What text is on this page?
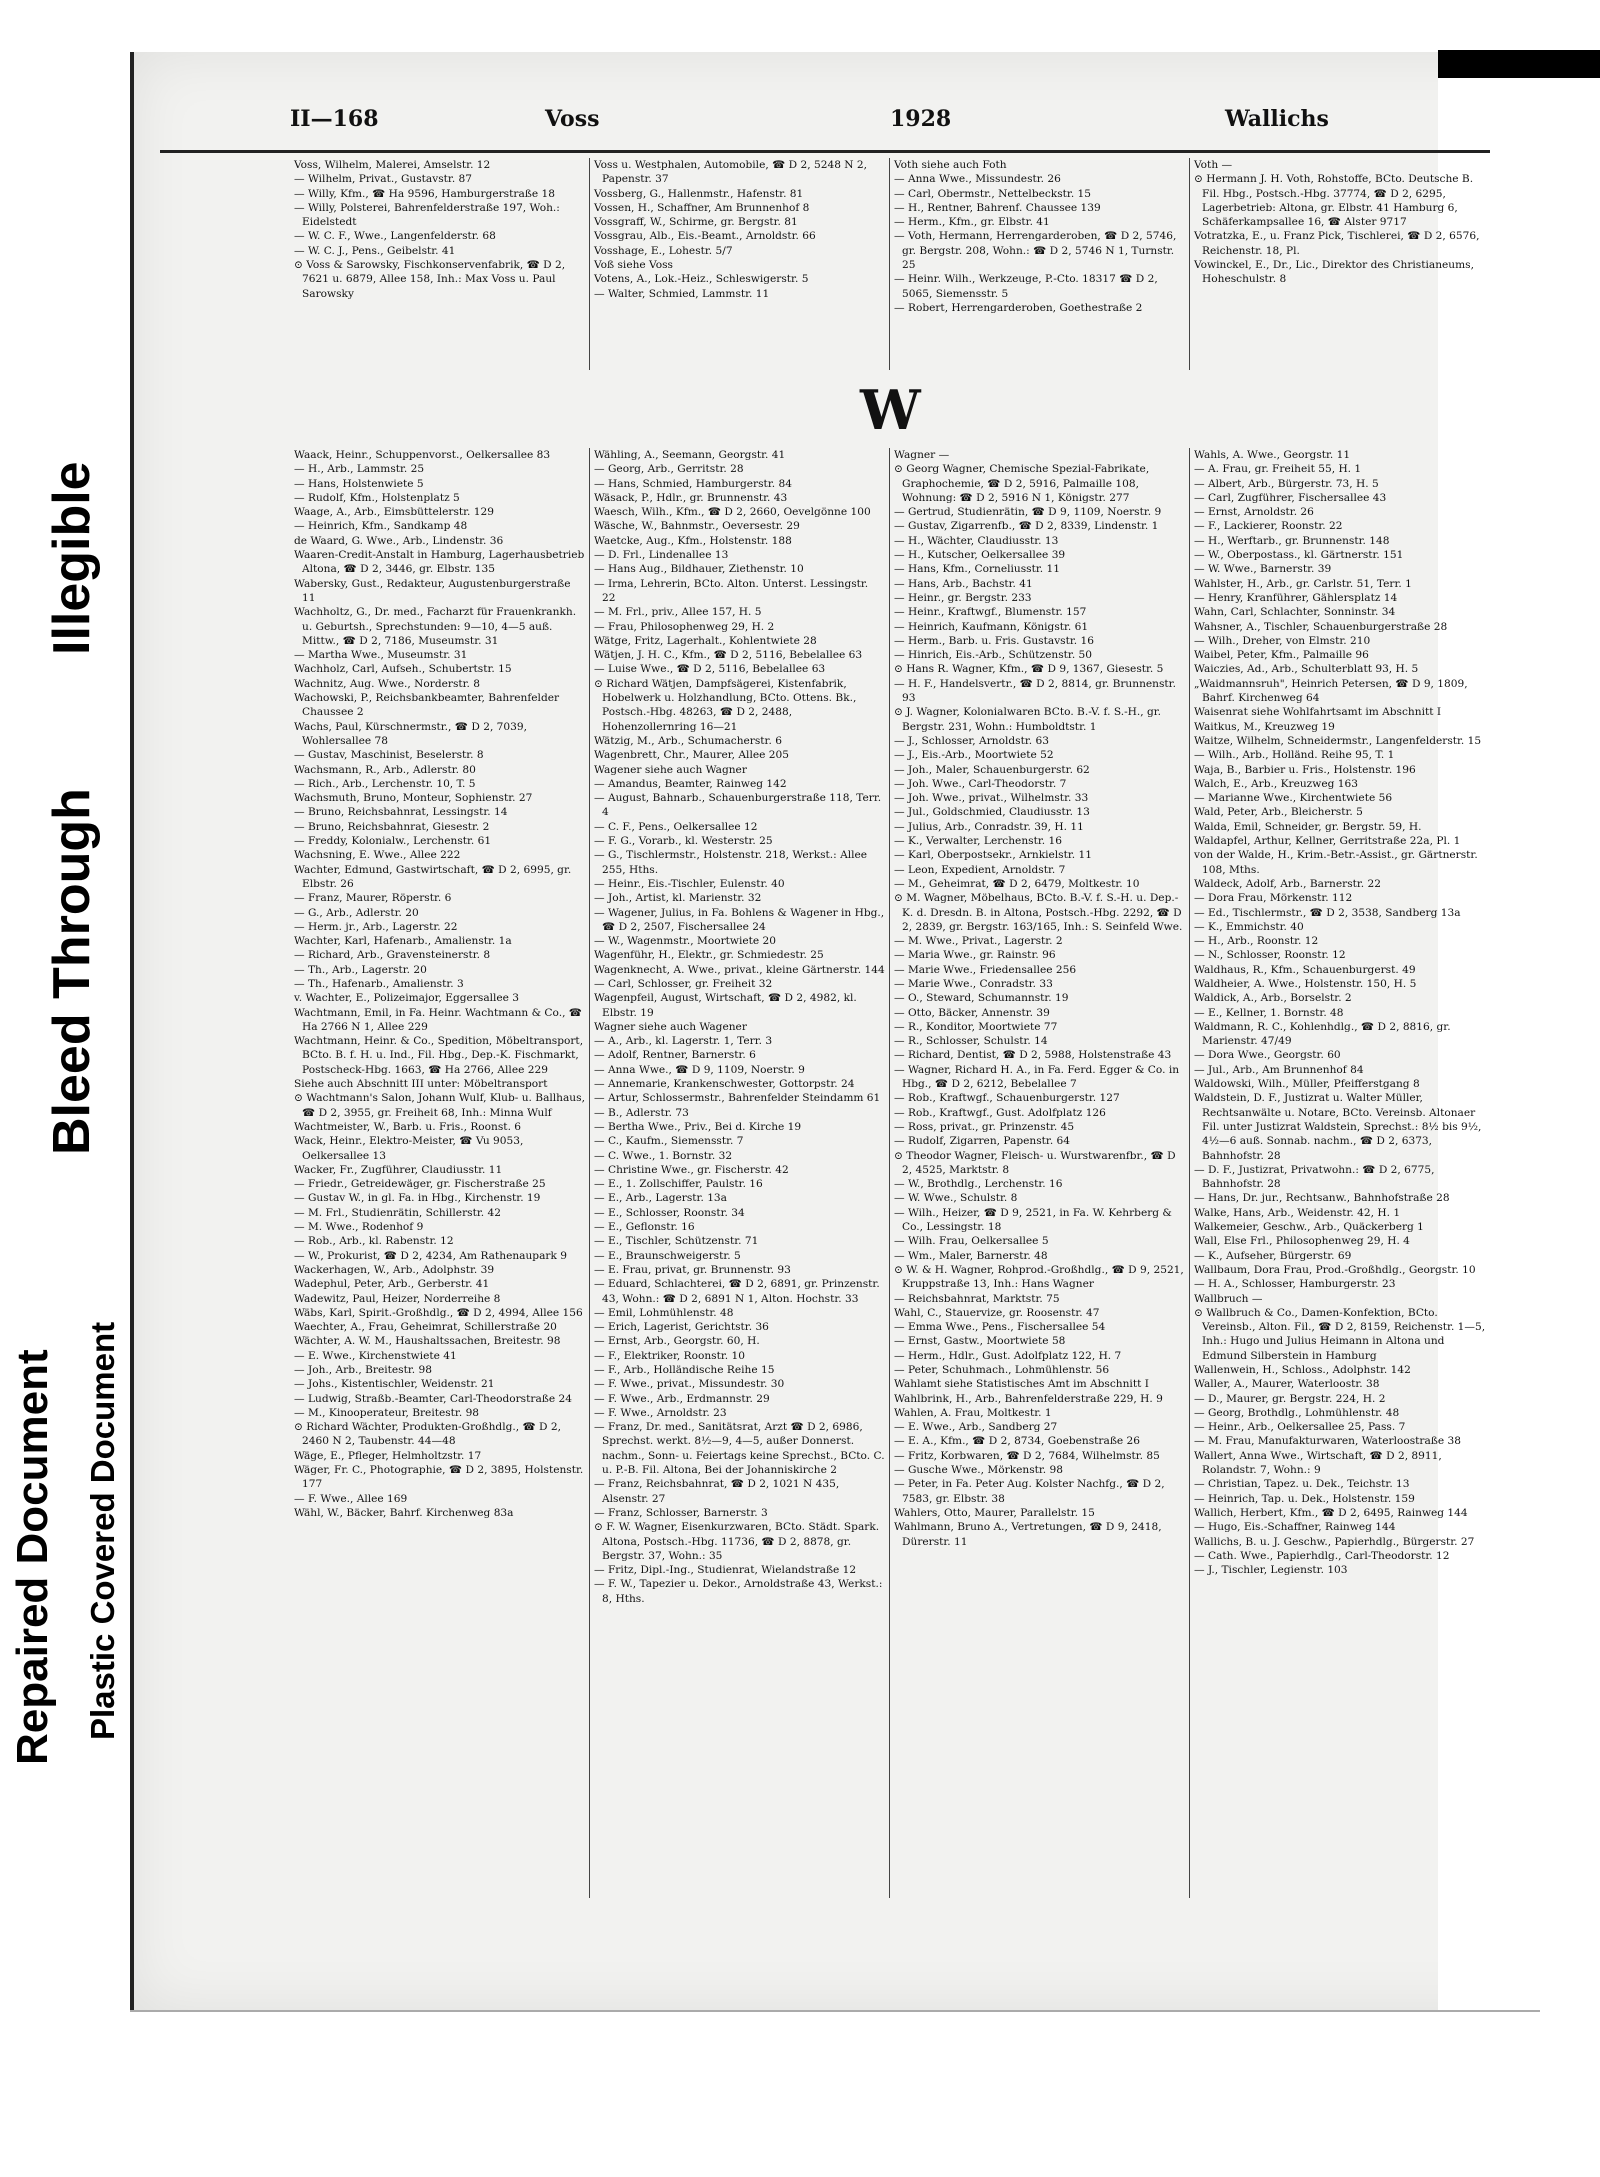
Repaired Document
Bleed Through
Illegible
Plastic Covered Document
II—168	Voss	1928	Wallichs
Voss, Wilhelm, Malerei, Amselstr. 12
— Wilhelm, Privat., Gustavstr. 87
— Willy, Kfm., ☎ Ha 9596, Hamburgerstraße 18
— Willy, Polsterei, Bahrenfelderstraße 197, Woh.: Eidelstedt
— W. C. F., Wwe., Langenfelderstr. 68
— W. C. J., Pens., Geibelstr. 41
⊙ Voss & Sarowsky, Fischkonservenfabrik, ☎ D 2, 7621 u. 6879, Allee 158, Inh.: Max Voss u. Paul Sarowsky
Voss u. Westphalen, Automobile, ☎ D 2, 5248 N 2, Papenstr. 37
Vossberg, G., Hallenmstr., Hafenstr. 81
Vossen, H., Schaffner, Am Brunnenhof 8
Vossgraff, W., Schirme, gr. Bergstr. 81
Vossgrau, Alb., Eis.-Beamt., Arnoldstr. 66
Vosshage, E., Lohestr. 5/7
Voß siehe Voss
Votens, A., Lok.-Heiz., Schleswigerstr. 5
— Walter, Schmied, Lammstr. 11
Voth siehe auch Foth
— Anna Wwe., Missundestr. 26
— Carl, Obermstr., Nettelbeckstr. 15
— H., Rentner, Bahrenf. Chaussee 139
— Herm., Kfm., gr. Elbstr. 41
— Voth, Hermann, Herrengarderoben, ☎ D 2, 5746, gr. Bergstr. 208, Wohn.: ☎ D 2, 5746 N 1, Turnstr. 25
— Heinr. Wilh., Werkzeuge, P.-Cto. 18317 ☎ D 2, 5065, Siemensstr. 5
— Robert, Herrengarderoben, Goethestraße 2
Voth —
⊙ Hermann J. H. Voth, Rohstoffe, BCto. Deutsche B. Fil. Hbg., Postsch.-Hbg. 37774, ☎ D 2, 6295, Lagerbetrieb: Altona, gr. Elbstr. 41 Hamburg 6, Schäferkampsallee 16, ☎ Alster 9717
Votratzka, E., u. Franz Pick, Tischlerei, ☎ D 2, 6576, Reichenstr. 18, Pl.
Vowinckel, E., Dr., Lic., Direktor des Christianeums, Hoheschulstr. 8
W
Waack, Heinr., Schuppenvorst., Oelkersallee 83
— H., Arb., Lammstr. 25
— Hans, Holstenwiete 5
— Rudolf, Kfm., Holstenplatz 5
Waage, A., Arb., Eimsbüttelerstr. 129
— Heinrich, Kfm., Sandkamp 48
de Waard, G. Wwe., Arb., Lindenstr. 36
Waaren-Credit-Anstalt in Hamburg, Lagerhausbetrieb Altona, ☎ D 2, 3446, gr. Elbstr. 135
Wabersky, Gust., Redakteur, Augustenburgerstraße 11
Wachholtz, G., Dr. med., Facharzt für Frauenkrankh. u. Geburtsh., Sprechstunden: 9—10, 4—5 auß. Mittw., ☎ D 2, 7186, Museumstr. 31
— Martha Wwe., Museumstr. 31
Wachholz, Carl, Aufseh., Schubertstr. 15
Wachnitz, Aug. Wwe., Norderstr. 8
Wachowski, P., Reichsbankbeamter, Bahrenfelder Chaussee 2
Wachs, Paul, Kürschnermstr., ☎ D 2, 7039, Wohlersallee 78
— Gustav, Maschinist, Beselerstr. 8
Wachsmann, R., Arb., Adlerstr. 80
— Rich., Arb., Lerchenstr. 10, T. 5
Wachsmuth, Bruno, Monteur, Sophienstr. 27
— Bruno, Reichsbahnrat, Lessingstr. 14
— Bruno, Reichsbahnrat, Giesestr. 2
— Freddy, Kolonialw., Lerchenstr. 61
Wachsning, E. Wwe., Allee 222
Wachter, Edmund, Gastwirtschaft, ☎ D 2, 6995, gr. Elbstr. 26
— Franz, Maurer, Röperstr. 6
— G., Arb., Adlerstr. 20
— Herm. jr., Arb., Lagerstr. 22
Wachter, Karl, Hafenarb., Amalienstr. 1a
— Richard, Arb., Gravensteinerstr. 8
— Th., Arb., Lagerstr. 20
— Th., Hafenarb., Amalienstr. 3
v. Wachter, E., Polizeimajor, Eggersallee 3
Wachtmann, Emil, in Fa. Heinr. Wachtmann & Co., ☎ Ha 2766 N 1, Allee 229
Wachtmann, Heinr. & Co., Spedition, Möbeltransport, BCto. B. f. H. u. Ind., Fil. Hbg., Dep.-K. Fischmarkt, Postscheck-Hbg. 1663, ☎ Ha 2766, Allee 229
Siehe auch Abschnitt III unter: Möbeltransport
⊙ Wachtmann's Salon, Johann Wulf, Klub- u. Ballhaus, ☎ D 2, 3955, gr. Freiheit 68, Inh.: Minna Wulf
Wachtmeister, W., Barb. u. Fris., Roonst. 6
Wack, Heinr., Elektro-Meister, ☎ Vu 9053, Oelkersallee 13
Wacker, Fr., Zugführer, Claudiusstr. 11
— Friedr., Getreidewäger, gr. Fischerstraße 25
— Gustav W., in gl. Fa. in Hbg., Kirchenstr. 19
— M. Frl., Studienrätin, Schillerstr. 42
— M. Wwe., Rodenhof 9
— Rob., Arb., kl. Rabenstr. 12
— W., Prokurist, ☎ D 2, 4234, Am Rathenaupark 9
Wackerhagen, W., Arb., Adolphstr. 39
Wadephul, Peter, Arb., Gerberstr. 41
Wadewitz, Paul, Heizer, Norderreihe 8
Wäbs, Karl, Spirit.-Großhdlg., ☎ D 2, 4994, Allee 156
Waechter, A., Frau, Geheimrat, Schillerstraße 20
Wächter, A. W. M., Haushaltssachen, Breitestr. 98
— E. Wwe., Kirchenstwiete 41
— Joh., Arb., Breitestr. 98
— Johs., Kistentischler, Weidenstr. 21
— Ludwig, Straßb.-Beamter, Carl-Theodorstraße 24
— M., Kinooperateur, Breitestr. 98
⊙ Richard Wächter, Produkten-Großhdlg., ☎ D 2, 2460 N 2, Taubenstr. 44—48
Wäge, E., Pfleger, Helmholtzstr. 17
Wäger, Fr. C., Photographie, ☎ D 2, 3895, Holstenstr. 177
— F. Wwe., Allee 169
Wähl, W., Bäcker, Bahrf. Kirchenweg 83a
Wähling, A., Seemann, Georgstr. 41
— Georg, Arb., Gerritstr. 28
— Hans, Schmied, Hamburgerstr. 84
Wäsack, P., Hdlr., gr. Brunnenstr. 43
Waesch, Wilh., Kfm., ☎ D 2, 2660, Oevelgönne 100
Wäsche, W., Bahnmstr., Oeversestr. 29
Waetcke, Aug., Kfm., Holstenstr. 188
— D. Frl., Lindenallee 13
— Hans Aug., Bildhauer, Ziethenstr. 10
— Irma, Lehrerin, BCto. Alton. Unterst. Lessingstr. 22
— M. Frl., priv., Allee 157, H. 5
— Frau, Philosophenweg 29, H. 2
Wätge, Fritz, Lagerhalt., Kohlentwiete 28
Wätjen, J. H. C., Kfm., ☎ D 2, 5116, Bebelallee 63
— Luise Wwe., ☎ D 2, 5116, Bebelallee 63
⊙ Richard Wätjen, Dampfsägerei, Kistenfabrik, Hobelwerk u. Holzhandlung, BCto. Ottens. Bk., Postsch.-Hbg. 48263, ☎ D 2, 2488, Hohenzollernring 16—21
Wätzig, M., Arb., Schumacherstr. 6
Wagenbrett, Chr., Maurer, Allee 205
Wagener siehe auch Wagner
— Amandus, Beamter, Rainweg 142
— August, Bahnarb., Schauenburgerstraße 118, Terr. 4
— C. F., Pens., Oelkersallee 12
— F. G., Vorarb., kl. Westerstr. 25
— G., Tischlermstr., Holstenstr. 218, Werkst.: Allee 255, Hths.
— Heinr., Eis.-Tischler, Eulenstr. 40
— Joh., Artist, kl. Marienstr. 32
— Wagener, Julius, in Fa. Bohlens & Wagener in Hbg., ☎ D 2, 2507, Fischersallee 24
— W., Wagenmstr., Moortwiete 20
Wagenführ, H., Elektr., gr. Schmiedestr. 25
Wagenknecht, A. Wwe., privat., kleine Gärtnerstr. 144
— Carl, Schlosser, gr. Freiheit 32
Wagenpfeil, August, Wirtschaft, ☎ D 2, 4982, kl. Elbstr. 19
Wagner siehe auch Wagener
— A., Arb., kl. Lagerstr. 1, Terr. 3
— Adolf, Rentner, Barnerstr. 6
— Anna Wwe., ☎ D 9, 1109, Noerstr. 9
— Annemarie, Krankenschwester, Gottorpstr. 24
— Artur, Schlossermstr., Bahrenfelder Steindamm 61
— B., Adlerstr. 73
— Bertha Wwe., Priv., Bei d. Kirche 19
— C., Kaufm., Siemensstr. 7
— C. Wwe., 1. Bornstr. 32
— Christine Wwe., gr. Fischerstr. 42
— E., 1. Zollschiffer, Paulstr. 16
— E., Arb., Lagerstr. 13a
— E., Schlosser, Roonstr. 34
— E., Geflonstr. 16
— E., Tischler, Schützenstr. 71
— E., Braunschweigerstr. 5
— E. Frau, privat, gr. Brunnenstr. 93
— Eduard, Schlachterei, ☎ D 2, 6891, gr. Prinzenstr. 43, Wohn.: ☎ D 2, 6891 N 1, Alton. Hochstr. 33
— Emil, Lohmühlenstr. 48
— Erich, Lagerist, Gerichtstr. 36
— Ernst, Arb., Georgstr. 60, H.
— F., Elektriker, Roonstr. 10
— F., Arb., Holländische Reihe 15
— F. Wwe., privat., Missundestr. 30
— F. Wwe., Arb., Erdmannstr. 29
— F. Wwe., Arnoldstr. 23
— Franz, Dr. med., Sanitätsrat, Arzt ☎ D 2, 6986, Sprechst. werkt. 8½—9, 4—5, außer Donnerst. nachm., Sonn- u. Feiertags keine Sprechst., BCto. C. u. P.-B. Fil. Altona, Bei der Johanniskirche 2
— Franz, Reichsbahnrat, ☎ D 2, 1021 N 435, Alsenstr. 27
— Franz, Schlosser, Barnerstr. 3
⊙ F. W. Wagner, Eisenkurzwaren, BCto. Städt. Spark. Altona, Postsch.-Hbg. 11736, ☎ D 2, 8878, gr. Bergstr. 37, Wohn.: 35
— Fritz, Dipl.-Ing., Studienrat, Wielandstraße 12
— F. W., Tapezier u. Dekor., Arnoldstraße 43, Werkst.: 8, Hths.
Wagner —
⊙ Georg Wagner, Chemische Spezial-Fabrikate, Graphochemie, ☎ D 2, 5916, Palmaille 108, Wohnung: ☎ D 2, 5916 N 1, Königstr. 277
— Gertrud, Studienrätin, ☎ D 9, 1109, Noerstr. 9
— Gustav, Zigarrenfb., ☎ D 2, 8339, Lindenstr. 1
— H., Wächter, Claudiusstr. 13
— H., Kutscher, Oelkersallee 39
— Hans, Kfm., Corneliusstr. 11
— Hans, Arb., Bachstr. 41
— Heinr., gr. Bergstr. 233
— Heinr., Kraftwgf., Blumenstr. 157
— Heinrich, Kaufmann, Königstr. 61
— Herm., Barb. u. Fris. Gustavstr. 16
— Hinrich, Eis.-Arb., Schützenstr. 50
⊙ Hans R. Wagner, Kfm., ☎ D 9, 1367, Giesestr. 5
— H. F., Handelsvertr., ☎ D 2, 8814, gr. Brunnenstr. 93
⊙ J. Wagner, Kolonialwaren BCto. B.-V. f. S.-H., gr. Bergstr. 231, Wohn.: Humboldtstr. 1
— J., Schlosser, Arnoldstr. 63
— J., Eis.-Arb., Moortwiete 52
— Joh., Maler, Schauenburgerstr. 62
— Joh. Wwe., Carl-Theodorstr. 7
— Joh. Wwe., privat., Wilhelmstr. 33
— Jul., Goldschmied, Claudiusstr. 13
— Julius, Arb., Conradstr. 39, H. 11
— K., Verwalter, Lerchenstr. 16
— Karl, Oberpostsekr., Arnkielstr. 11
— Leon, Expedient, Arnoldstr. 7
— M., Geheimrat, ☎ D 2, 6479, Moltkestr. 10
⊙ M. Wagner, Möbelhaus, BCto. B.-V. f. S.-H. u. Dep.-K. d. Dresdn. B. in Altona, Postsch.-Hbg. 2292, ☎ D 2, 2839, gr. Bergstr. 163/165, Inh.: S. Seinfeld Wwe.
— M. Wwe., Privat., Lagerstr. 2
— Maria Wwe., gr. Rainstr. 96
— Marie Wwe., Friedensallee 256
— Marie Wwe., Conradstr. 33
— O., Steward, Schumannstr. 19
— Otto, Bäcker, Annenstr. 39
— R., Konditor, Moortwiete 77
— R., Schlosser, Schulstr. 14
— Richard, Dentist, ☎ D 2, 5988, Holstenstraße 43
— Wagner, Richard H. A., in Fa. Ferd. Egger & Co. in Hbg., ☎ D 2, 6212, Bebelallee 7
— Rob., Kraftwgf., Schauenburgerstr. 127
— Rob., Kraftwgf., Gust. Adolfplatz 126
— Ross, privat., gr. Prinzenstr. 45
— Rudolf, Zigarren, Papenstr. 64
⊙ Theodor Wagner, Fleisch- u. Wurstwarenfbr., ☎ D 2, 4525, Marktstr. 8
— W., Brothdlg., Lerchenstr. 16
— W. Wwe., Schulstr. 8
— Wilh., Heizer, ☎ D 9, 2521, in Fa. W. Kehrberg & Co., Lessingstr. 18
— Wilh. Frau, Oelkersallee 5
— Wm., Maler, Barnerstr. 48
⊙ W. & H. Wagner, Rohprod.-Großhdlg., ☎ D 9, 2521, Kruppstraße 13, Inh.: Hans Wagner
— Reichsbahnrat, Marktstr. 75
Wahl, C., Stauervize, gr. Roosenstr. 47
— Emma Wwe., Pens., Fischersallee 54
— Ernst, Gastw., Moortwiete 58
— Herm., Hdlr., Gust. Adolfplatz 122, H. 7
— Peter, Schuhmach., Lohmühlenstr. 56
Wahlamt siehe Statistisches Amt im Abschnitt I
Wahlbrink, H., Arb., Bahrenfelderstraße 229, H. 9
Wahlen, A. Frau, Moltkestr. 1
— E. Wwe., Arb., Sandberg 27
— E. A., Kfm., ☎ D 2, 8734, Goebenstraße 26
— Fritz, Korbwaren, ☎ D 2, 7684, Wilhelmstr. 85
— Gusche Wwe., Mörkenstr. 98
— Peter, in Fa. Peter Aug. Kolster Nachfg., ☎ D 2, 7583, gr. Elbstr. 38
Wahlers, Otto, Maurer, Parallelstr. 15
Wahlmann, Bruno A., Vertretungen, ☎ D 9, 2418, Dürerstr. 11
Wahls, A. Wwe., Georgstr. 11
— A. Frau, gr. Freiheit 55, H. 1
— Albert, Arb., Bürgerstr. 73, H. 5
— Carl, Zugführer, Fischersallee 43
— Ernst, Arnoldstr. 26
— F., Lackierer, Roonstr. 22
— H., Werftarb., gr. Brunnenstr. 148
— W., Oberpostass., kl. Gärtnerstr. 151
— W. Wwe., Barnerstr. 39
Wahlster, H., Arb., gr. Carlstr. 51, Terr. 1
— Henry, Kranführer, Gählersplatz 14
Wahn, Carl, Schlachter, Sonninstr. 34
Wahsner, A., Tischler, Schauenburgerstraße 28
— Wilh., Dreher, von Elmstr. 210
Waibel, Peter, Kfm., Palmaille 96
Waiczies, Ad., Arb., Schulterblatt 93, H. 5
„Waidmannsruh", Heinrich Petersen, ☎ D 9, 1809, Bahrf. Kirchenweg 64
Waisenrat siehe Wohlfahrtsamt im Abschnitt I
Waitkus, M., Kreuzweg 19
Waitze, Wilhelm, Schneidermstr., Langenfelderstr. 15
— Wilh., Arb., Holländ. Reihe 95, T. 1
Waja, B., Barbier u. Fris., Holstenstr. 196
Walch, E., Arb., Kreuzweg 163
— Marianne Wwe., Kirchentwiete 56
Wald, Peter, Arb., Bleicherstr. 5
Walda, Emil, Schneider, gr. Bergstr. 59, H.
Waldapfel, Arthur, Kellner, Gerritstraße 22a, Pl. 1
von der Walde, H., Krim.-Betr.-Assist., gr. Gärtnerstr. 108, Mths.
Waldeck, Adolf, Arb., Barnerstr. 22
— Dora Frau, Mörkenstr. 112
— Ed., Tischlermstr., ☎ D 2, 3538, Sandberg 13a
— K., Emmichstr. 40
— H., Arb., Roonstr. 12
— N., Schlosser, Roonstr. 12
Waldhaus, R., Kfm., Schauenburgerst. 49
Waldheier, A. Wwe., Holstenstr. 150, H. 5
Waldick, A., Arb., Borselstr. 2
— E., Kellner, 1. Bornstr. 48
Waldmann, R. C., Kohlenhdlg., ☎ D 2, 8816, gr. Marienstr. 47/49
— Dora Wwe., Georgstr. 60
— Jul., Arb., Am Brunnenhof 84
Waldowski, Wilh., Müller, Pfeifferstgang 8
Waldstein, D. F., Justizrat u. Walter Müller, Rechtsanwälte u. Notare, BCto. Vereinsb. Altonaer Fil. unter Justizrat Waldstein, Sprechst.: 8½ bis 9½, 4½—6 auß. Sonnab. nachm., ☎ D 2, 6373, Bahnhofstr. 28
— D. F., Justizrat, Privatwohn.: ☎ D 2, 6775, Bahnhofstr. 28
— Hans, Dr. jur., Rechtsanw., Bahnhofstraße 28
Walke, Hans, Arb., Weidenstr. 42, H. 1
Walkemeier, Geschw., Arb., Quäckerberg 1
Wall, Else Frl., Philosophenweg 29, H. 4
— K., Aufseher, Bürgerstr. 69
Wallbaum, Dora Frau, Prod.-Großhdlg., Georgstr. 10
— H. A., Schlosser, Hamburgerstr. 23
Wallbruch —
⊙ Wallbruch & Co., Damen-Konfektion, BCto. Vereinsb., Alton. Fil., ☎ D 2, 8159, Reichenstr. 1—5, Inh.: Hugo und Julius Heimann in Altona und Edmund Silberstein in Hamburg
Wallenwein, H., Schloss., Adolphstr. 142
Waller, A., Maurer, Waterloostr. 38
— D., Maurer, gr. Bergstr. 224, H. 2
— Georg, Brothdlg., Lohmühlenstr. 48
— Heinr., Arb., Oelkersallee 25, Pass. 7
— M. Frau, Manufakturwaren, Waterloostraße 38
Wallert, Anna Wwe., Wirtschaft, ☎ D 2, 8911, Rolandstr. 7, Wohn.: 9
— Christian, Tapez. u. Dek., Teichstr. 13
— Heinrich, Tap. u. Dek., Holstenstr. 159
Wallich, Herbert, Kfm., ☎ D 2, 6495, Rainweg 144
— Hugo, Eis.-Schaffner, Rainweg 144
Wallichs, B. u. J. Geschw., Papierhdlg., Bürgerstr. 27
— Cath. Wwe., Papierhdlg., Carl-Theodorstr. 12
— J., Tischler, Legienstr. 103
